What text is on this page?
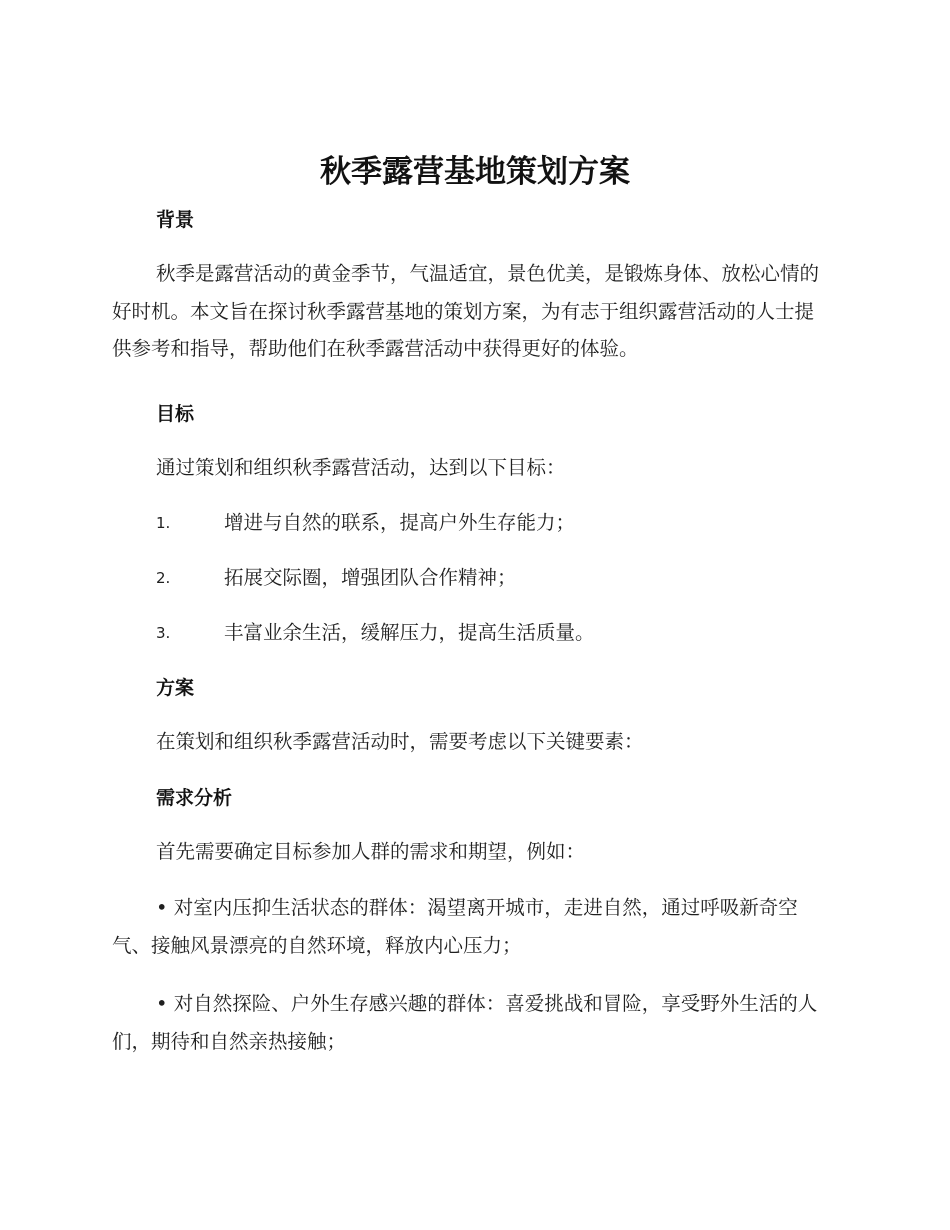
秋季露营基地策划方案
背景

秋季是露营活动的黄金季节，气温适宜，景色优美，是锻炼身体、放松心情的好时机。本文旨在探讨秋季露营基地的策划方案，为有志于组织露营活动的人士提供参考和指导，帮助他们在秋季露营活动中获得更好的体验。

目标
通过策划和组织秋季露营活动，达到以下目标：
1.	增进与自然的联系，提高户外生存能力；
2.	拓展交际圈，增强团队合作精神；
3.	丰富业余生活，缓解压力，提高生活质量。
方案
在策划和组织秋季露营活动时，需要考虑以下关键要素：
需求分析
首先需要确定目标参加人群的需求和期望，例如：

• 对室内压抑生活状态的群体：渴望离开城市，走进自然，通过呼吸新奇空气、接触风景漂亮的自然环境，释放内心压力；

• 对自然探险、户外生存感兴趣的群体：喜爱挑战和冒险，享受野外生活的人们，期待和自然亲热接触；
